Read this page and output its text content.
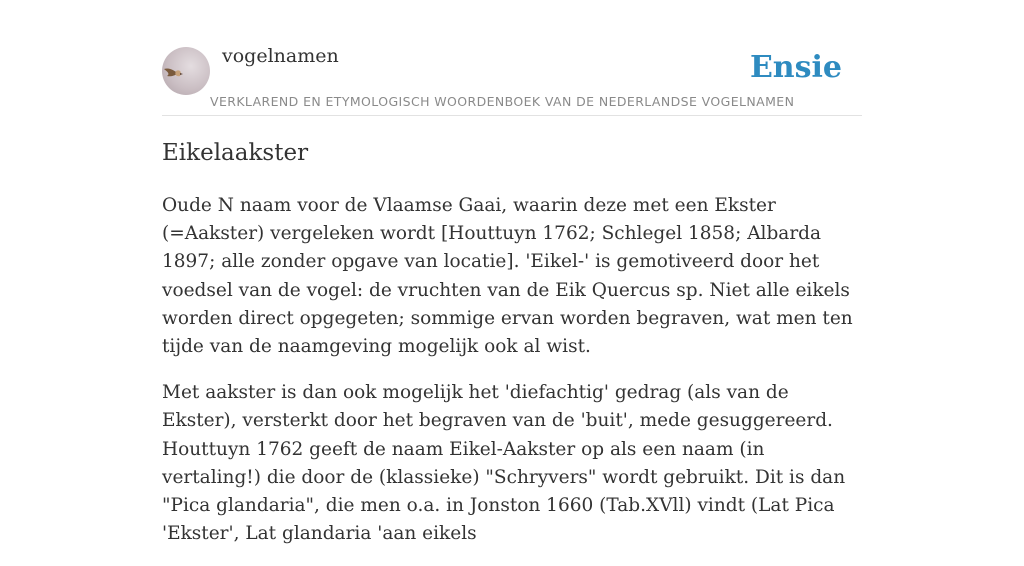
vogelnamen	Ensie
VERKLAREND EN ETYMOLOGISCH WOORDENBOEK VAN DE NEDERLANDSE VOGELNAMEN
Eikelaakster

Oude N naam voor de Vlaamse Gaai, waarin deze met een Ekster (=Aakster) vergeleken wordt [Houttuyn 1762; Schlegel 1858; Albarda 1897; alle zonder opgave van locatie]. 'Eikel-' is gemotiveerd door het voedsel van de vogel: de vruchten van de Eik Quercus sp. Niet alle eikels worden direct opgegeten; sommige ervan worden begraven, wat men ten tijde van de naamgeving mogelijk ook al wist.

Met aakster is dan ook mogelijk het 'diefachtig' gedrag (als van de Ekster), versterkt door het begraven van de 'buit', mede gesuggereerd. Houttuyn 1762 geeft de naam Eikel-Aakster op als een naam (in vertaling!) die door de (klassieke) "Schryvers" wordt gebruikt. Dit is dan "Pica glandaria", die men o.a. in Jonston 1660 (Tab.XVll) vindt (Lat Pica 'Ekster', Lat glandaria 'aan eikels
